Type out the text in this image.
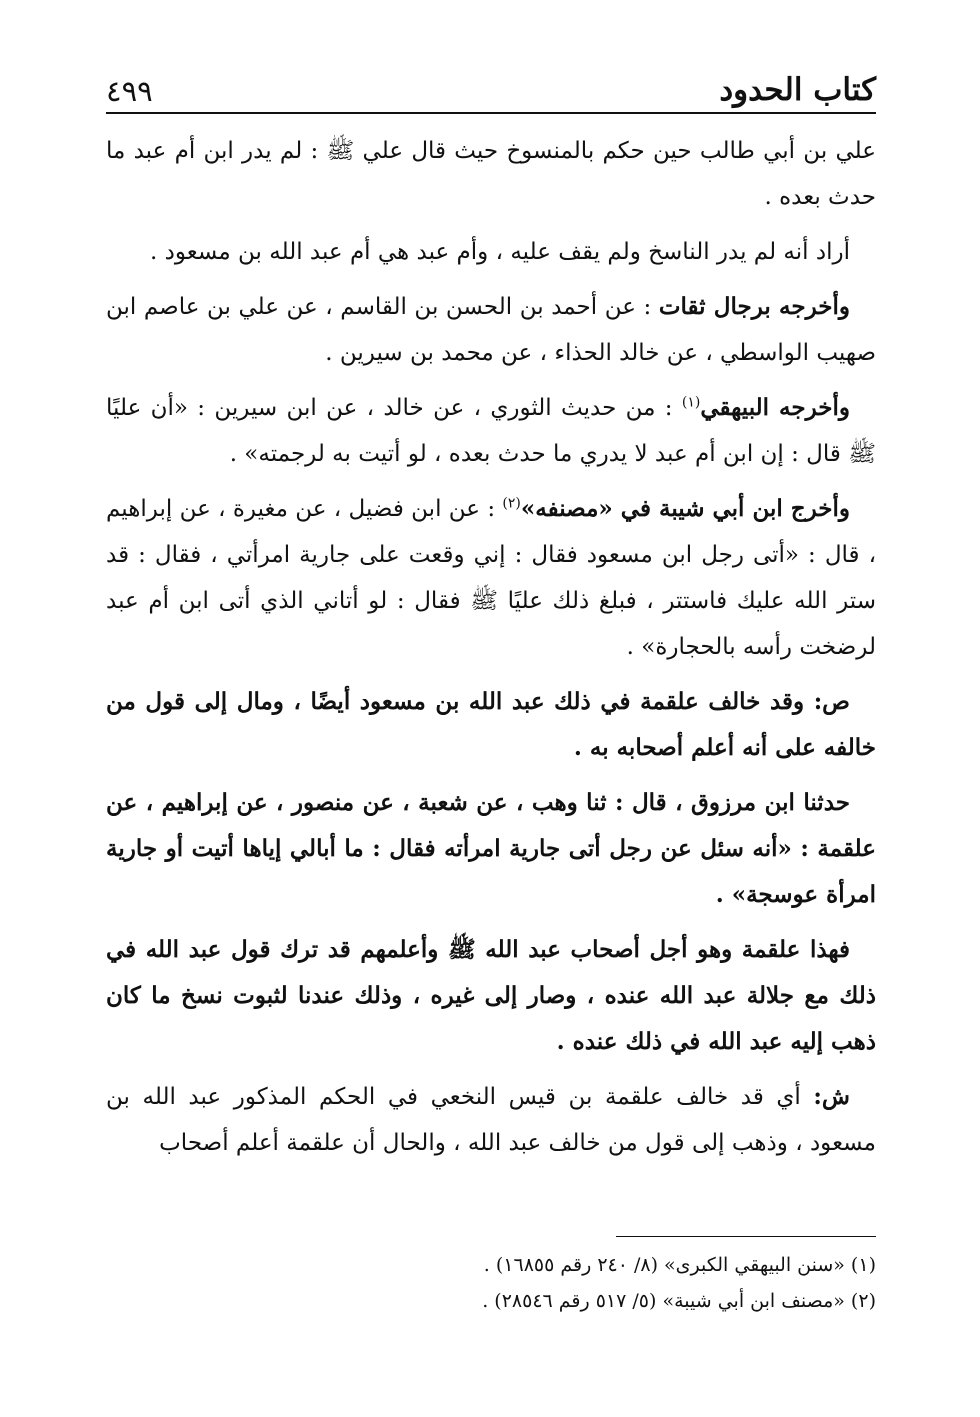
كتاب الحدود
٤٩٩

علي بن أبي طالب حين حكم بالمنسوخ حيث قال علي ﷺ : لم يدر ابن أم عبد ما حدث بعده .

أراد أنه لم يدر الناسخ ولم يقف عليه ، وأم عبد هي أم عبد الله بن مسعود .

وأخرجه برجال ثقات : عن أحمد بن الحسن بن القاسم ، عن علي بن عاصم ابن صهيب الواسطي ، عن خالد الحذاء ، عن محمد بن سيرين .

وأخرجه البيهقي$^{(١)}$ : من حديث الثوري ، عن خالد ، عن ابن سيرين : «أن عليًا ﷺ قال : إن ابن أم عبد لا يدري ما حدث بعده ، لو أتيت به لرجمته» .

وأخرج ابن أبي شيبة في «مصنفه»$^{(٢)}$ : عن ابن فضيل ، عن مغيرة ، عن إبراهيم ، قال : «أتى رجل ابن مسعود فقال : إني وقعت على جارية امرأتي ، فقال : قد ستر الله عليك فاستتر ، فبلغ ذلك عليًا ﷺ فقال : لو أتاني الذي أتى ابن أم عبد لرضخت رأسه بالحجارة» .

ص: وقد خالف علقمة في ذلك عبد الله بن مسعود أيضًا ، ومال إلى قول من خالفه على أنه أعلم أصحابه به .

حدثنا ابن مرزوق ، قال : ثنا وهب ، عن شعبة ، عن منصور ، عن إبراهيم ، عن علقمة : «أنه سئل عن رجل أتى جارية امرأته فقال : ما أبالي إياها أتيت أو جارية امرأة عوسجة» .

فهذا علقمة وهو أجل أصحاب عبد الله ﷺ وأعلمهم قد ترك قول عبد الله في ذلك مع جلالة عبد الله عنده ، وصار إلى غيره ، وذلك عندنا لثبوت نسخ ما كان ذهب إليه عبد الله في ذلك عنده .

ش: أي قد خالف علقمة بن قيس النخعي في الحكم المذكور عبد الله بن مسعود ، وذهب إلى قول من خالف عبد الله ، والحال أن علقمة أعلم أصحاب

(١) «سنن البيهقي الكبرى» (٨/ ٢٤٠ رقم ١٦٨٥٥) .

(٢) «مصنف ابن أبي شيبة» (٥/ ٥١٧ رقم ٢٨٥٤٦) .
